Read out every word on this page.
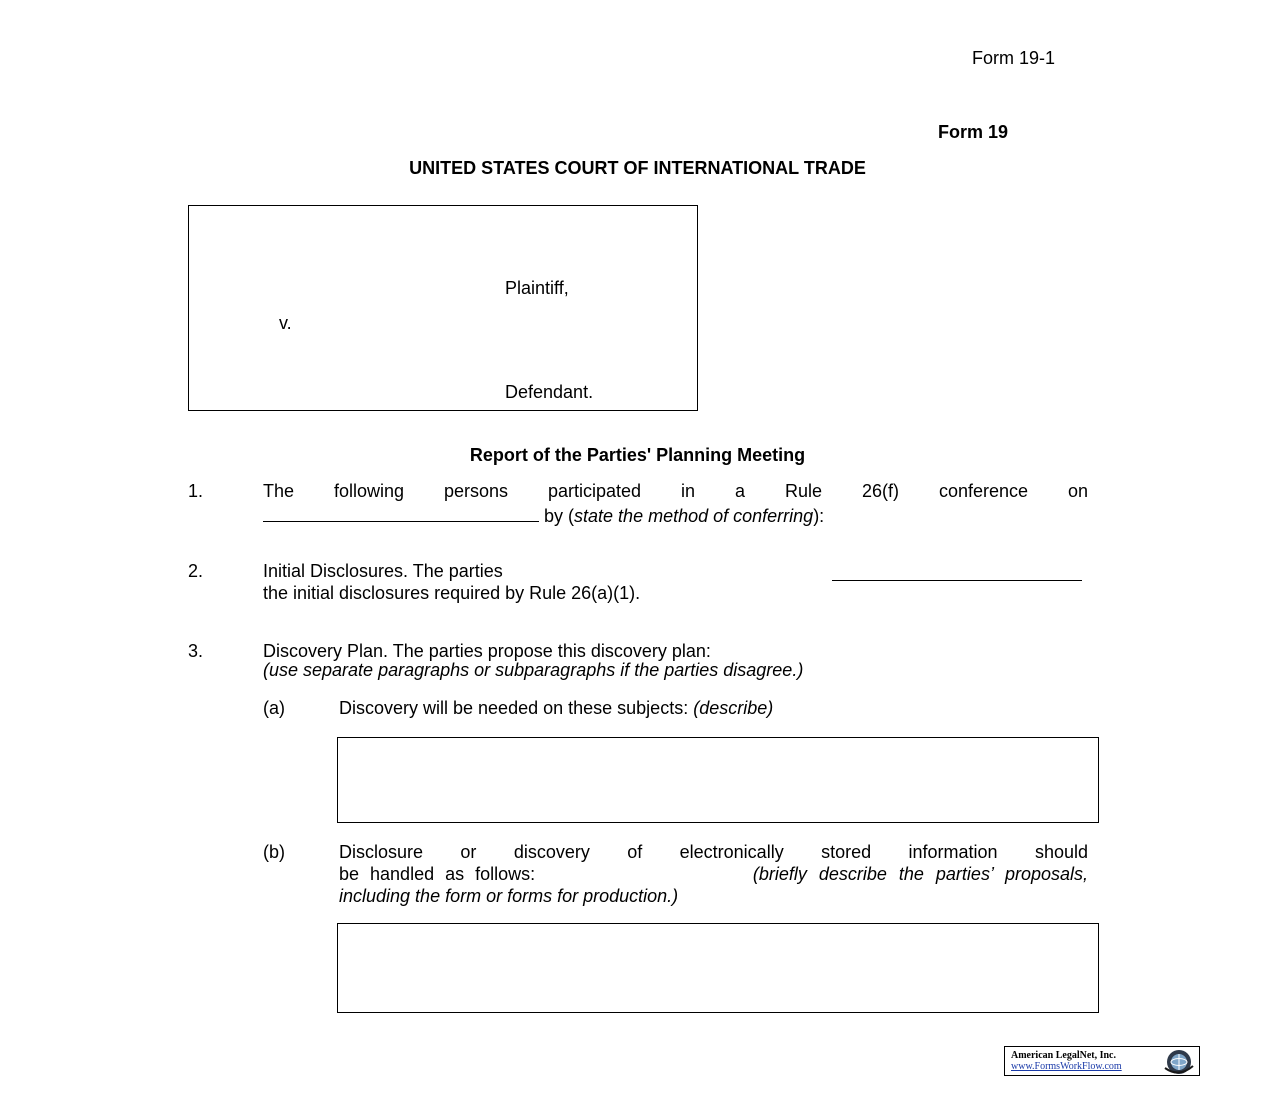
Form 19-1
Form 19
UNITED STATES COURT OF INTERNATIONAL TRADE
Plaintiff,
v.
Defendant.
Report of the Parties' Planning Meeting
1.	The following persons participated in a Rule 26(f) conference on
by (state the method of conferring):
2.	Initial Disclosures. The parties
the initial disclosures required by Rule 26(a)(1).
3.	Discovery Plan. The parties propose this discovery plan:
(use separate paragraphs or subparagraphs if the parties disagree.)
(a)	Discovery will be needed on these subjects: (describe)
(b)	Disclosure or discovery of electronically stored information should
be handled as follows:	(briefly describe the parties’ proposals,
including the form or forms for production.)
American LegalNet, Inc.
www.FormsWorkFlow.com
